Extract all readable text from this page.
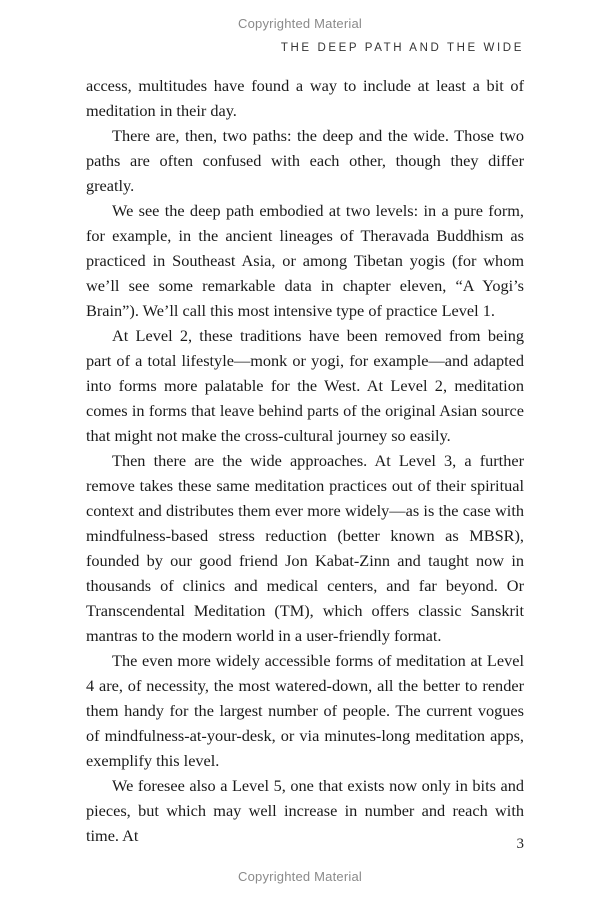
Copyrighted Material
THE DEEP PATH AND THE WIDE

access, multitudes have found a way to include at least a bit of meditation in their day.

There are, then, two paths: the deep and the wide. Those two paths are often confused with each other, though they differ greatly.

We see the deep path embodied at two levels: in a pure form, for example, in the ancient lineages of Theravada Buddhism as practiced in Southeast Asia, or among Tibetan yogis (for whom we’ll see some remarkable data in chapter eleven, “A Yogi’s Brain”). We’ll call this most intensive type of practice Level 1.

At Level 2, these traditions have been removed from being part of a total lifestyle—monk or yogi, for example—and adapted into forms more palatable for the West. At Level 2, meditation comes in forms that leave behind parts of the original Asian source that might not make the cross-cultural journey so easily.

Then there are the wide approaches. At Level 3, a further remove takes these same meditation practices out of their spiritual context and distributes them ever more widely—as is the case with mindfulness-based stress reduction (better known as MBSR), founded by our good friend Jon Kabat-Zinn and taught now in thousands of clinics and medical centers, and far beyond. Or Transcendental Meditation (TM), which offers classic Sanskrit mantras to the modern world in a user-friendly format.

The even more widely accessible forms of meditation at Level 4 are, of necessity, the most watered-down, all the better to render them handy for the largest number of people. The current vogues of mindfulness-at-your-desk, or via minutes-long meditation apps, exemplify this level.

We foresee also a Level 5, one that exists now only in bits and pieces, but which may well increase in number and reach with time. At	3
Copyrighted Material
